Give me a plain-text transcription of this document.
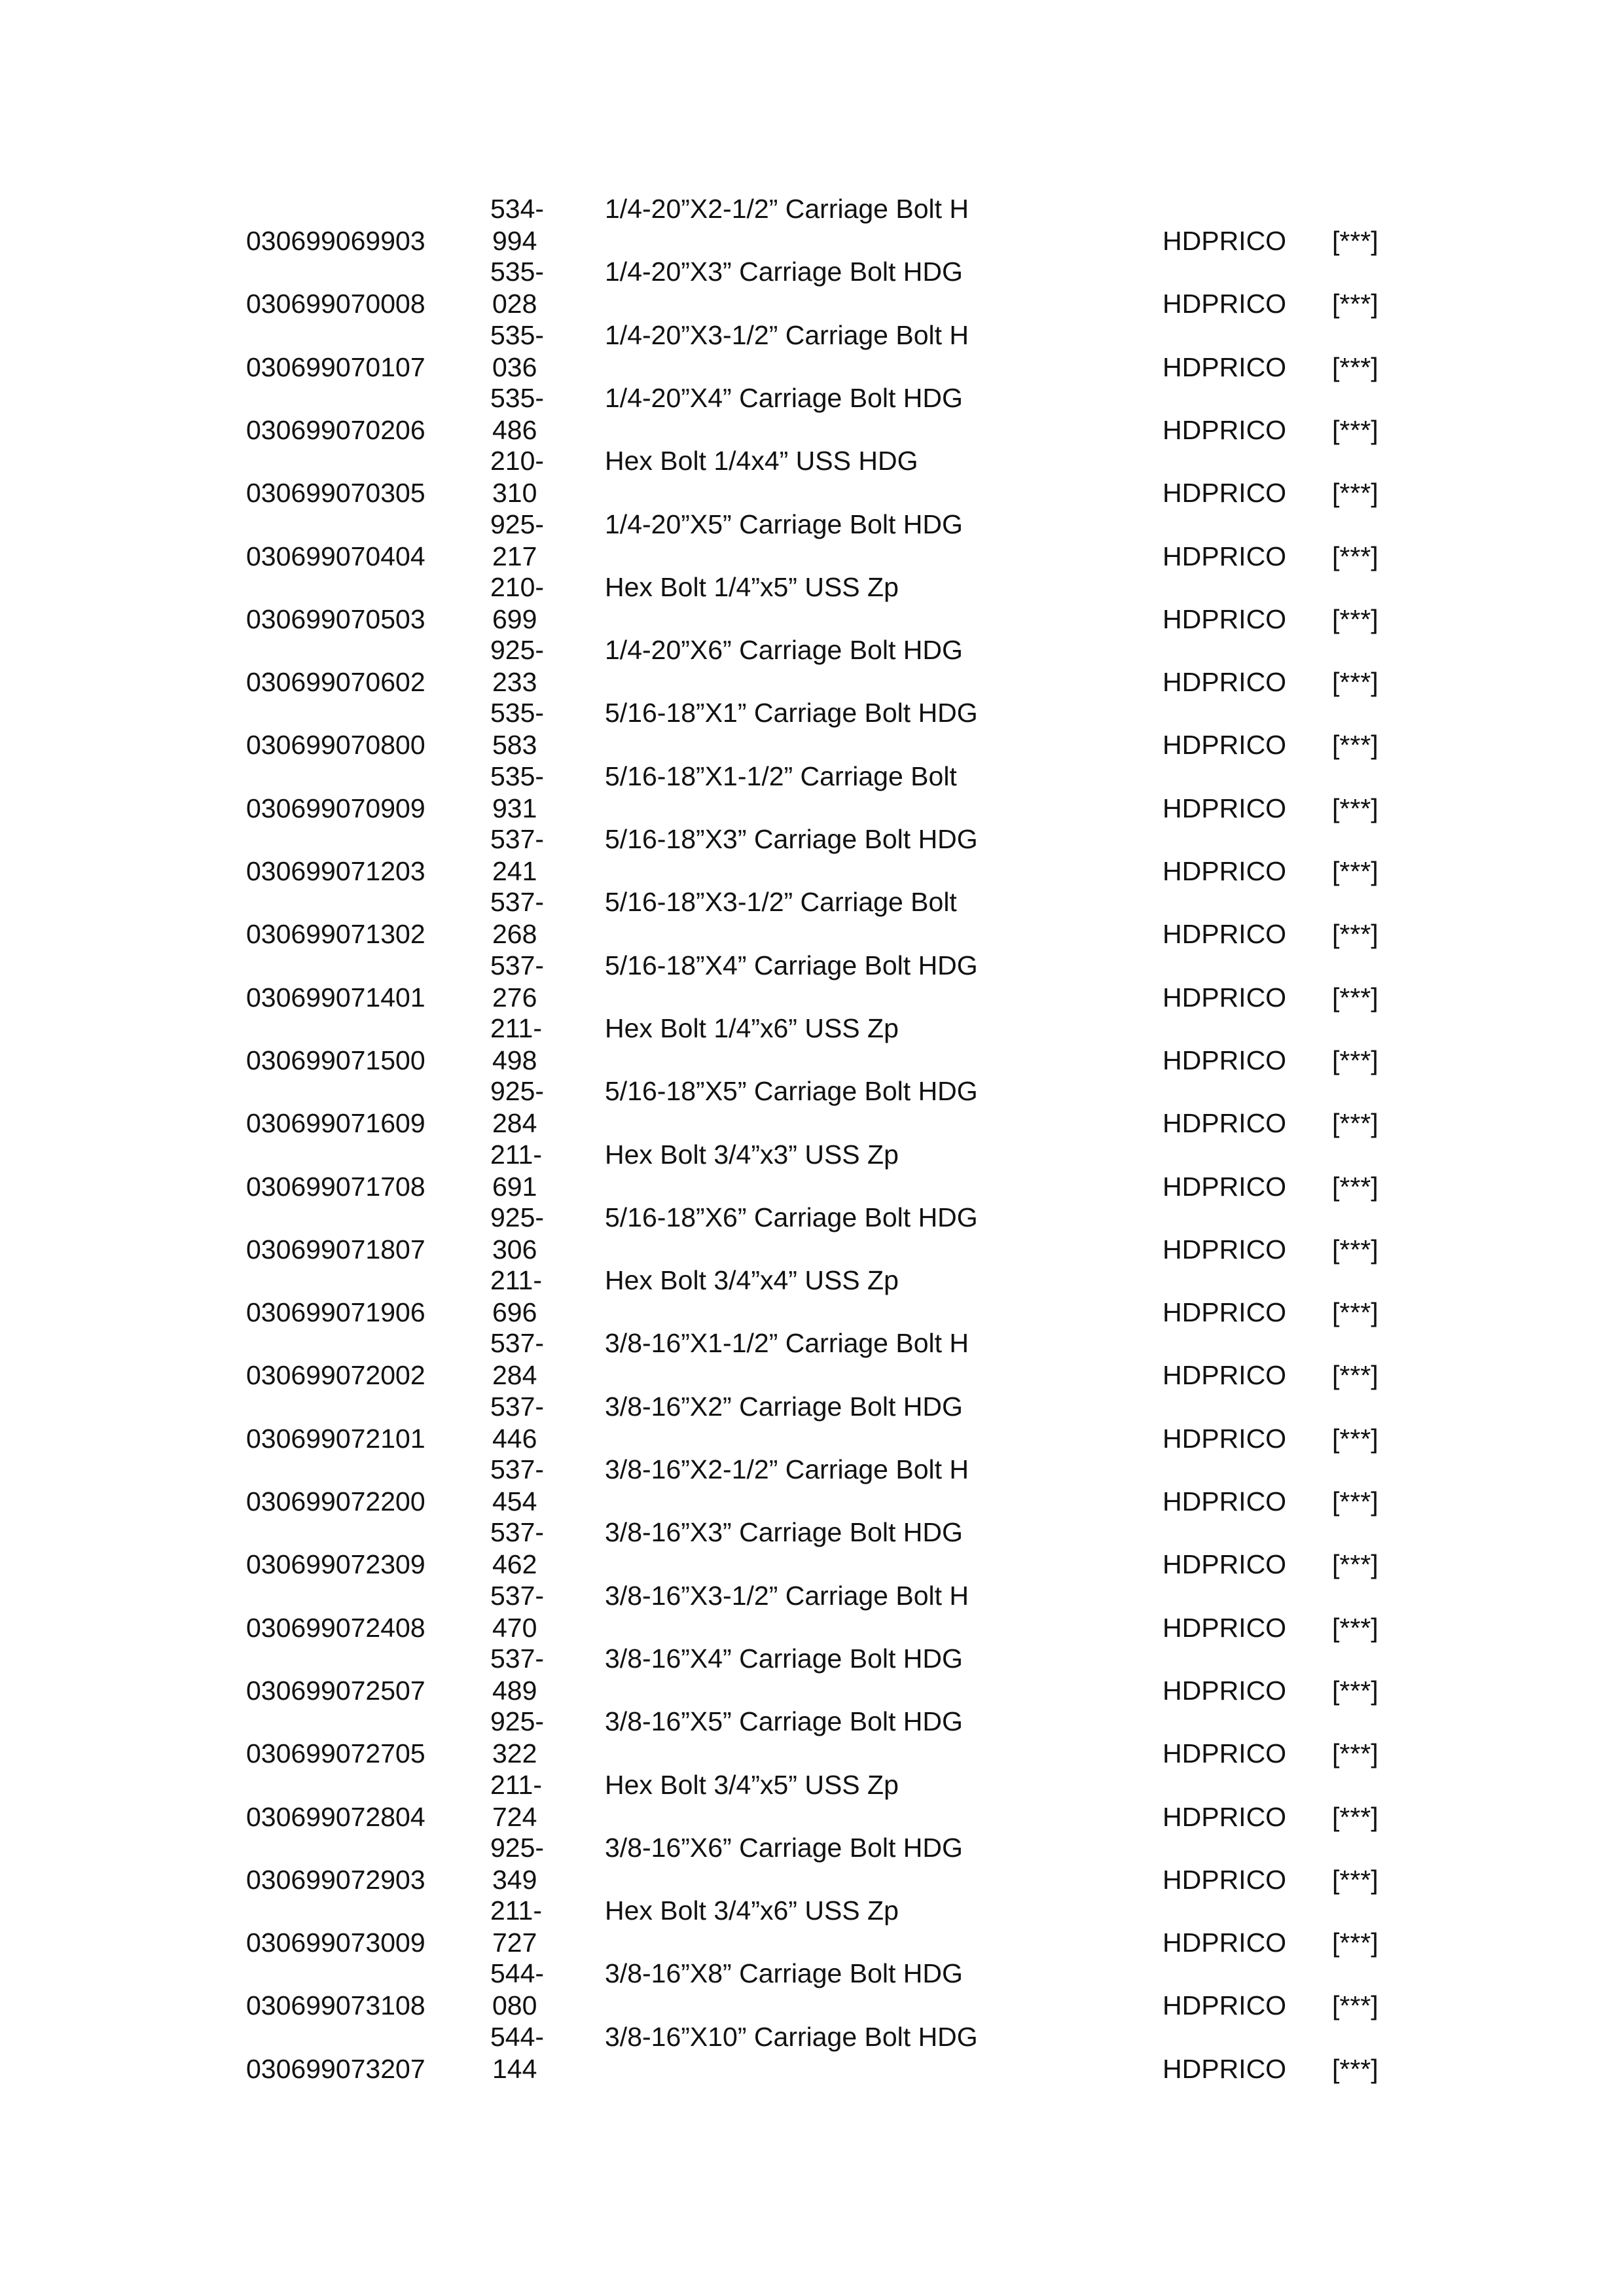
030699069903
534-
994
1/4-20”X2-1/2” Carriage Bolt H
HDPRICO [***]
030699070008
535-
028
1/4-20”X3” Carriage Bolt HDG
HDPRICO [***]
030699070107
535-
036
1/4-20”X3-1/2” Carriage Bolt H
HDPRICO [***]
030699070206
535-
486
1/4-20”X4” Carriage Bolt HDG
HDPRICO [***]
030699070305
210-
310
Hex Bolt 1/4x4” USS HDG
HDPRICO [***]
030699070404
925-
217
1/4-20”X5” Carriage Bolt HDG
HDPRICO [***]
030699070503
210-
699
Hex Bolt 1/4”x5” USS Zp
HDPRICO [***]
030699070602
925-
233
1/4-20”X6” Carriage Bolt HDG
HDPRICO [***]
030699070800
535-
583
5/16-18”X1” Carriage Bolt HDG
HDPRICO [***]
030699070909
535-
931
5/16-18”X1-1/2” Carriage Bolt
HDPRICO [***]
030699071203
537-
241
5/16-18”X3” Carriage Bolt HDG
HDPRICO [***]
030699071302
537-
268
5/16-18”X3-1/2” Carriage Bolt
HDPRICO [***]
030699071401
537-
276
5/16-18”X4” Carriage Bolt HDG
HDPRICO [***]
030699071500
211-
498
Hex Bolt 1/4”x6” USS Zp
HDPRICO [***]
030699071609
925-
284
5/16-18”X5” Carriage Bolt HDG
HDPRICO [***]
030699071708
211-
691
Hex Bolt 3/4”x3” USS Zp
HDPRICO [***]
030699071807
925-
306
5/16-18”X6” Carriage Bolt HDG
HDPRICO [***]
030699071906
211-
696
Hex Bolt 3/4”x4” USS Zp
HDPRICO [***]
030699072002
537-
284
3/8-16”X1-1/2” Carriage Bolt H
HDPRICO [***]
030699072101
537-
446
3/8-16”X2” Carriage Bolt HDG
HDPRICO [***]
030699072200
537-
454
3/8-16”X2-1/2” Carriage Bolt H
HDPRICO [***]
030699072309
537-
462
3/8-16”X3” Carriage Bolt HDG
HDPRICO [***]
030699072408
537-
470
3/8-16”X3-1/2” Carriage Bolt H
HDPRICO [***]
030699072507
537-
489
3/8-16”X4” Carriage Bolt HDG
HDPRICO [***]
030699072705
925-
322
3/8-16”X5” Carriage Bolt HDG
HDPRICO [***]
030699072804
211-
724
Hex Bolt 3/4”x5” USS Zp
HDPRICO [***]
030699072903
925-
349
3/8-16”X6” Carriage Bolt HDG
HDPRICO [***]
030699073009
211-
727
Hex Bolt 3/4”x6” USS Zp
HDPRICO [***]
030699073108
544-
080
3/8-16”X8” Carriage Bolt HDG
HDPRICO [***]
030699073207
544-
144
3/8-16”X10” Carriage Bolt HDG
HDPRICO [***]
